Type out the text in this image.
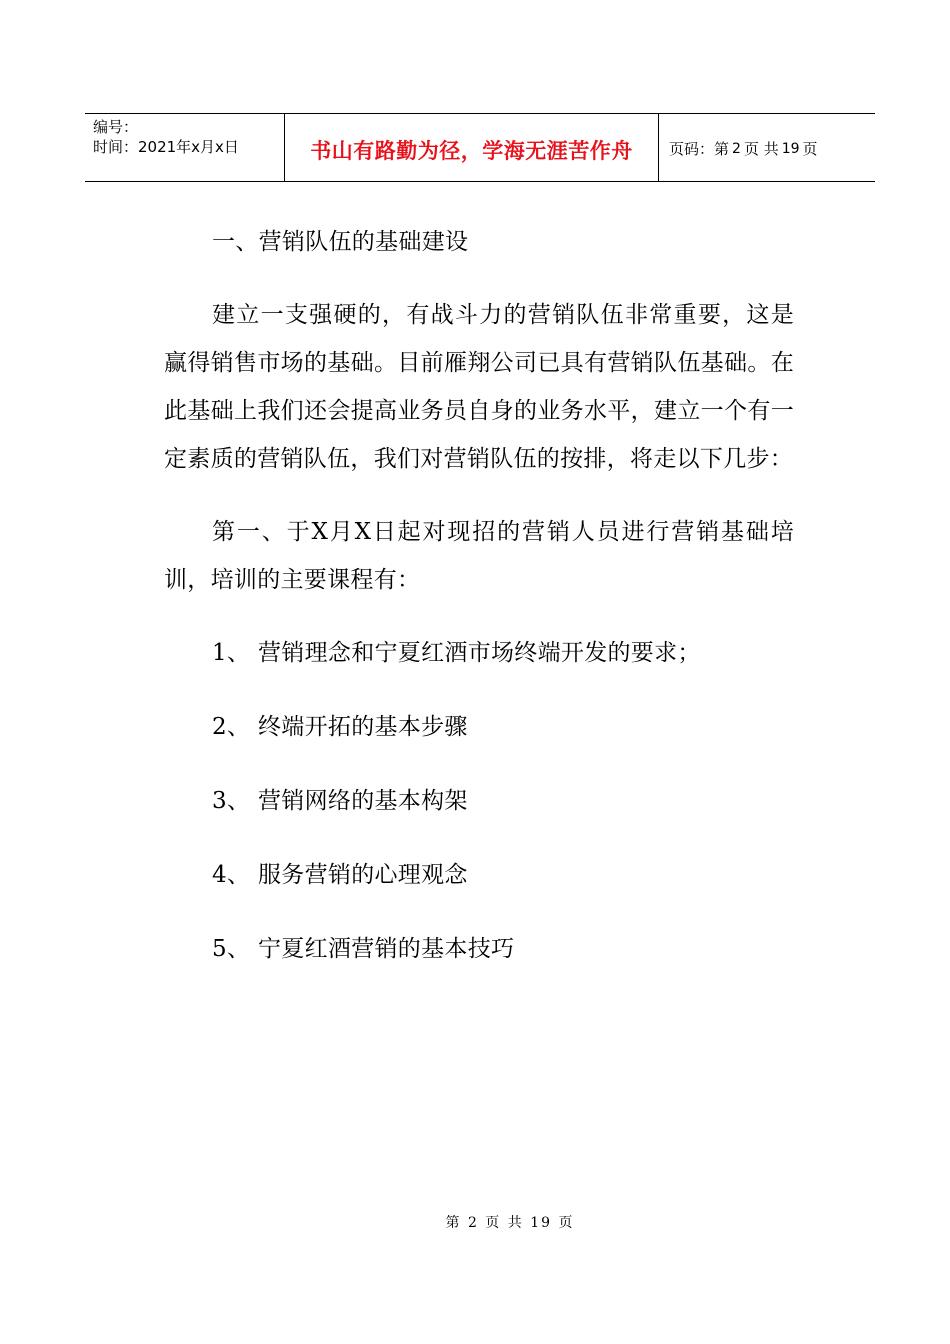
编号：
时间：2021年x月x日	书山有路勤为径，学海无涯苦作舟	页码：第 2 页 共 19 页

一、营销队伍的基础建设

建立一支强硬的，有战斗力的营销队伍非常重要，这是赢得销售市场的基础。目前雁翔公司已具有营销队伍基础。在此基础上我们还会提高业务员自身的业务水平，建立一个有一定素质的营销队伍，我们对营销队伍的按排，将走以下几步：

第一、于X月X日起对现招的营销人员进行营销基础培训，培训的主要课程有：

1、 营销理念和宁夏红酒市场终端开发的要求；
2、 终端开拓的基本步骤
3、 营销网络的基本构架
4、 服务营销的心理观念
5、 宁夏红酒营销的基本技巧
第 2 页 共 19 页
